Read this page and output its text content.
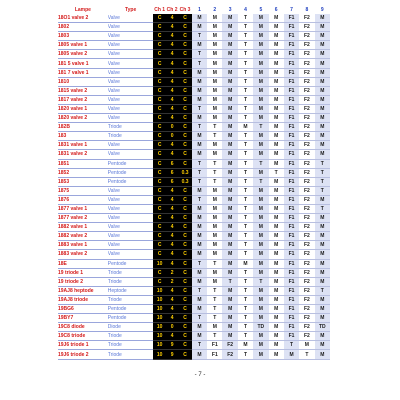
Lampe	Type	Ch 1	Ch 2	Ch 3	1	2	3	4	5	6	7	8	9
18O1 valve 2	Valve	C	4	C	M	M	M	T	M	M	F1	F2	M
1802	Valve	C	4	C	M	M	M	T	M	M	F1	F2	M
1803	Valve	C	4	C	T	M	M	T	M	M	F1	F2	M
1805 valve 1	Valve	C	4	C	M	M	M	T	M	M	F1	F2	M
1805 valve 2	Valve	C	4	C	T	M	M	T	M	M	F1	F2	M
181 5 valve 1	Valve	C	4	C	T	M	M	T	M	M	F1	F2	M
181 7 valve 1	Valve	C	4	C	M	M	M	T	M	M	F1	F2	M
1810	Valve	C	4	C	M	M	M	T	M	M	F1	F2	M
1815 valve 2	Valve	C	4	C	M	M	M	T	M	M	F1	F2	M
1817 valve 2	Valve	C	4	C	M	M	M	T	M	M	F1	F2	M
1820 valve 1	Valve	C	4	C	T	M	M	T	M	M	F1	F2	M
1820 valve 2	Valve	C	4	C	M	M	M	T	M	M	F1	F2	M
182B	Triode	C	0	C	T	T	M	M	T	M	F1	F2	M
183	Triode	C	0	C	M	T	M	T	M	M	F1	F2	M
1831 valve 1	Valve	C	4	C	M	M	M	T	M	M	F1	F2	M
1831 valve 2	Valve	C	4	C	M	M	M	T	M	M	F1	F2	M
1851	Pentode	C	6	C	T	T	M	T	T	M	F1	F2	T
1852	Pentode	C	6	0.3	T	T	M	T	M	T	F1	F2	T
1853	Pentode	C	6	0.3	T	T	M	T	T	M	F1	F2	T
1875	Valve	C	4	C	M	M	M	T	M	M	F1	F2	T
1876	Valve	C	4	C	T	M	M	T	M	M	F1	F2	M
1877 valve 1	Valve	C	4	C	M	M	M	T	M	M	F1	F2	T
1877 valve 2	Valve	C	4	C	M	M	M	T	M	M	F1	F2	M
1882 valve 1	Valve	C	4	C	M	M	M	T	M	M	F1	F2	M
1882 valve 2	Valve	C	4	C	M	M	M	T	M	M	F1	F2	M
1883 valve 1	Valve	C	4	C	M	M	M	T	M	M	F1	F2	M
1883 valve 2	Valve	C	4	C	M	M	M	T	M	M	F1	F2	M
18E	Pentode	10	4	C	T	T	M	M	M	M	F1	F2	M
19 triode 1	Triode	C	2	C	M	M	M	T	M	M	F1	F2	M
19 triode 2	Triode	C	2	C	M	M	T	T	T	M	F1	F2	M
19AJ8 heptode	Heptode	10	4	C	T	T	M	T	M	M	F1	F2	T
19AJ8 triode	Triode	10	4	C	M	T	M	T	M	M	F1	F2	M
19BG6	Pentode	10	4	C	M	T	M	T	M	M	F1	F2	M
19BY7	Pentode	10	4	C	T	T	M	T	M	M	F1	F2	M
19C8 diode	Diode	10	0	C	M	M	M	T	TD	M	F1	F2	TD
19C8 triode	Triode	10	4	C	M	T	M	T	M	M	F1	F2	M
19J6 triode 1	Triode	10	9	C	T	F1	F2	M	M	M	T	M	M
19J6 triode 2	Triode	10	9	C	M	F1	F2	T	M	M	M	T	M
- 7 -
